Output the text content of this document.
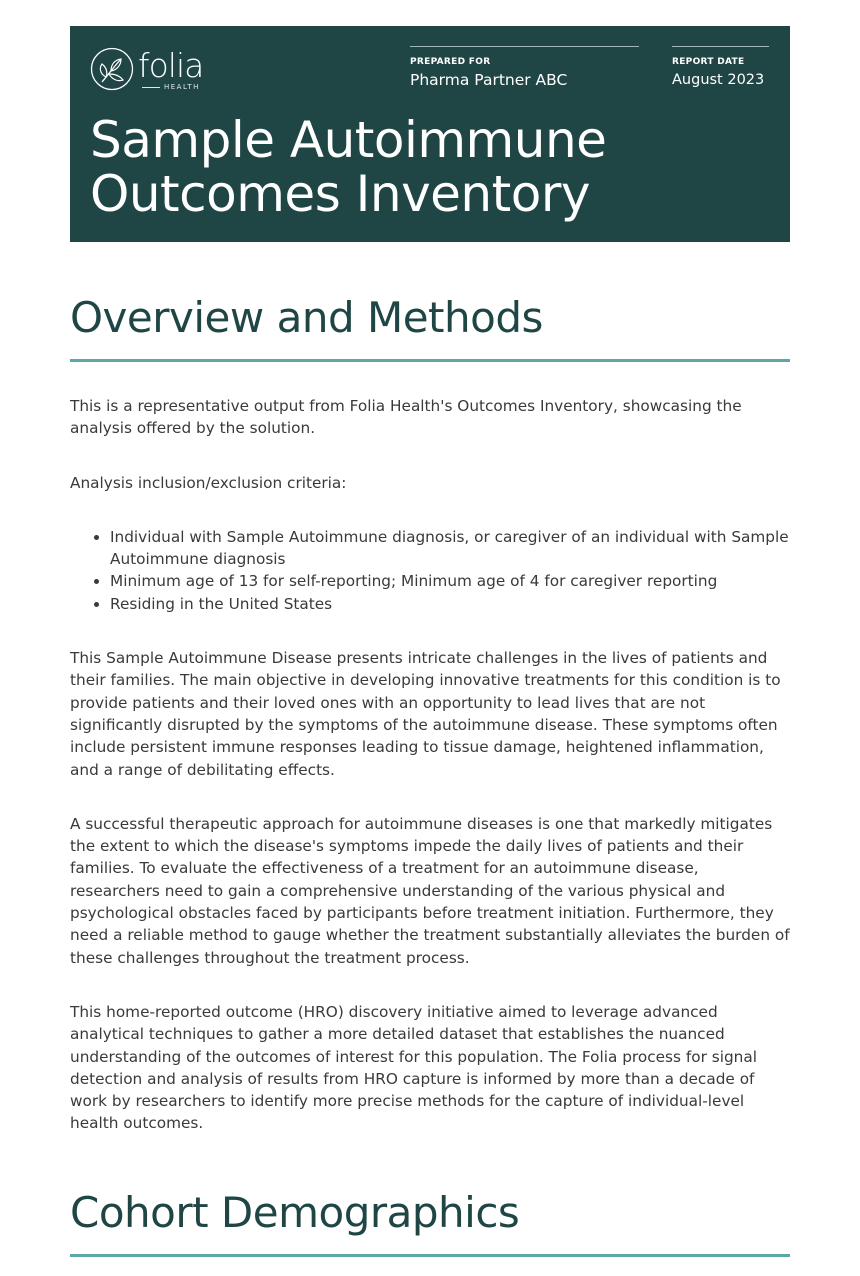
folia
HEALTH
PREPARED FOR
Pharma Partner ABC
REPORT DATE
August 2023
Sample Autoimmune
Outcomes Inventory
Overview and Methods

This is a representative output from Folia Health's Outcomes Inventory, showcasing the analysis offered by the solution.

Analysis inclusion/exclusion criteria:

• Individual with Sample Autoimmune diagnosis, or caregiver of an individual with Sample Autoimmune diagnosis
• Minimum age of 13 for self-reporting; Minimum age of 4 for caregiver reporting
• Residing in the United States

This Sample Autoimmune Disease presents intricate challenges in the lives of patients and their families. The main objective in developing innovative treatments for this condition is to provide patients and their loved ones with an opportunity to lead lives that are not significantly disrupted by the symptoms of the autoimmune disease. These symptoms often include persistent immune responses leading to tissue damage, heightened inflammation, and a range of debilitating effects.

A successful therapeutic approach for autoimmune diseases is one that markedly mitigates the extent to which the disease's symptoms impede the daily lives of patients and their families. To evaluate the effectiveness of a treatment for an autoimmune disease, researchers need to gain a comprehensive understanding of the various physical and psychological obstacles faced by participants before treatment initiation. Furthermore, they need a reliable method to gauge whether the treatment substantially alleviates the burden of these challenges throughout the treatment process.

This home-reported outcome (HRO) discovery initiative aimed to leverage advanced analytical techniques to gather a more detailed dataset that establishes the nuanced understanding of the outcomes of interest for this population. The Folia process for signal detection and analysis of results from HRO capture is informed by more than a decade of work by researchers to identify more precise methods for the capture of individual-level health outcomes.

Cohort Demographics
